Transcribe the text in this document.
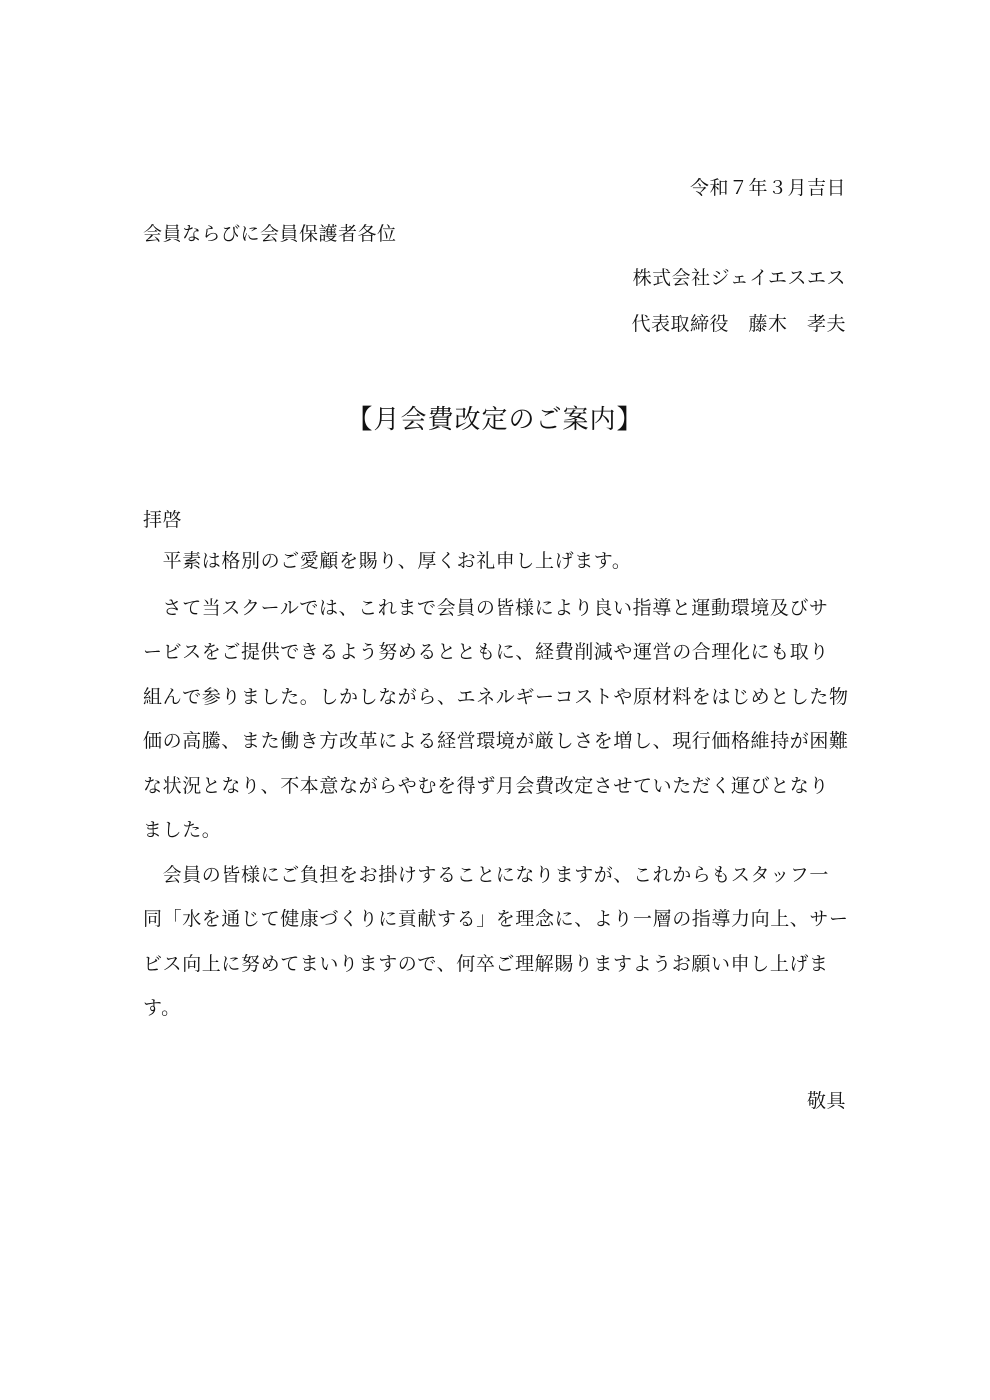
令和７年３月吉日
会員ならびに会員保護者各位
株式会社ジェイエスエス
代表取締役　藤木　孝夫
【月会費改定のご案内】
拝啓
　平素は格別のご愛顧を賜り、厚くお礼申し上げます。
　さて当スクールでは、これまで会員の皆様により良い指導と運動環境及びサ
ービスをご提供できるよう努めるとともに、経費削減や運営の合理化にも取り
組んで参りました。しかしながら、エネルギーコストや原材料をはじめとした物
価の高騰、また働き方改革による経営環境が厳しさを増し、現行価格維持が困難
な状況となり、不本意ながらやむを得ず月会費改定させていただく運びとなり
ました。
　会員の皆様にご負担をお掛けすることになりますが、これからもスタッフ一
同「水を通じて健康づくりに貢献する」を理念に、より一層の指導力向上、サー
ビス向上に努めてまいりますので、何卒ご理解賜りますようお願い申し上げま
す。
敬具
